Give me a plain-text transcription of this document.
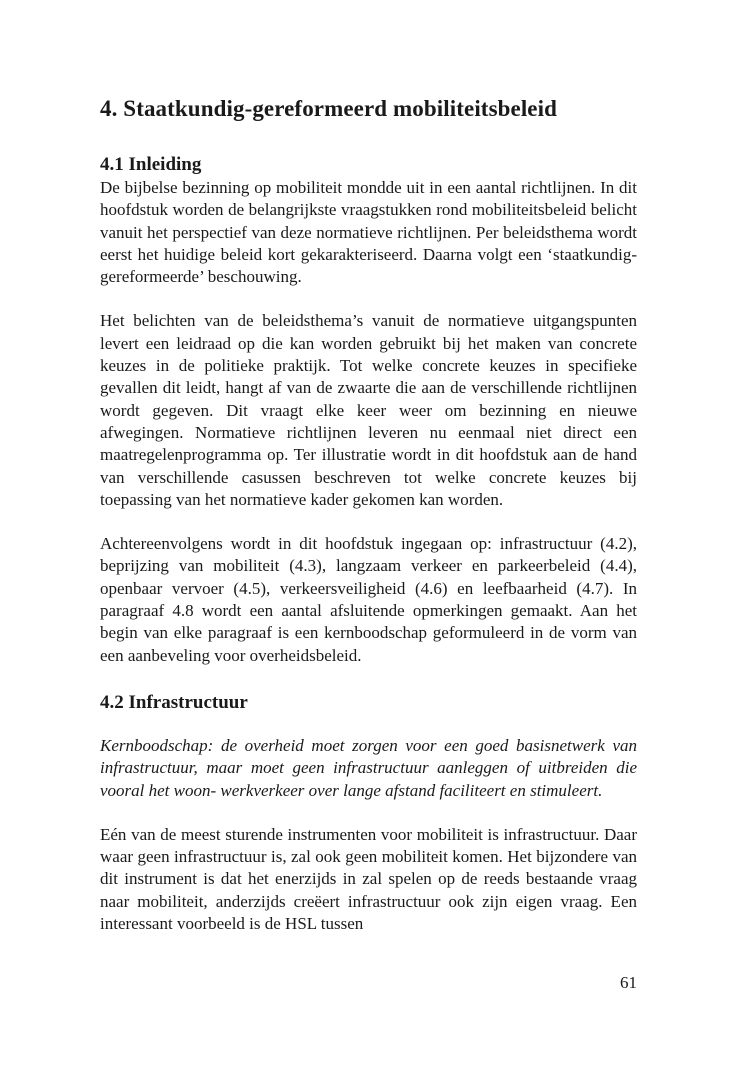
4. Staatkundig-gereformeerd mobiliteitsbeleid
4.1 Inleiding

De bijbelse bezinning op mobiliteit mondde uit in een aantal richtlijnen. In dit hoofdstuk worden de belangrijkste vraagstukken rond mobiliteitsbeleid belicht vanuit het perspectief van deze normatieve richtlijnen. Per beleidsthema wordt eerst het huidige beleid kort gekarakteriseerd. Daarna volgt een ‘staatkundig-gereformeerde’ beschouwing.

Het belichten van de beleidsthema’s vanuit de normatieve uitgangspunten levert een leidraad op die kan worden gebruikt bij het maken van concrete keuzes in de politieke praktijk. Tot welke concrete keuzes in specifieke gevallen dit leidt, hangt af van de zwaarte die aan de verschillende richtlijnen wordt gegeven. Dit vraagt elke keer weer om bezinning en nieuwe afwegingen. Normatieve richtlijnen leveren nu eenmaal niet direct een maatregelenprogramma op. Ter illustratie wordt in dit hoofdstuk aan de hand van verschillende casussen beschreven tot welke concrete keuzes bij toepassing van het normatieve kader gekomen kan worden.

Achtereenvolgens wordt in dit hoofdstuk ingegaan op: infrastructuur (4.2), beprijzing van mobiliteit (4.3), langzaam verkeer en parkeerbeleid (4.4), openbaar vervoer (4.5), verkeersveiligheid (4.6) en leefbaarheid (4.7). In paragraaf 4.8 wordt een aantal afsluitende opmerkingen gemaakt. Aan het begin van elke paragraaf is een kernboodschap geformuleerd in de vorm van een aanbeveling voor overheidsbeleid.

4.2 Infrastructuur

Kernboodschap: de overheid moet zorgen voor een goed basisnetwerk van infrastructuur, maar moet geen infrastructuur aanleggen of uitbreiden die vooral het woon- werkverkeer over lange afstand faciliteert en stimuleert.

Eén van de meest sturende instrumenten voor mobiliteit is infrastructuur. Daar waar geen infrastructuur is, zal ook geen mobiliteit komen. Het bijzondere van dit instrument is dat het enerzijds in zal spelen op de reeds bestaande vraag naar mobiliteit, anderzijds creëert infrastructuur ook zijn eigen vraag. Een interessant voorbeeld is de HSL tussen

61
